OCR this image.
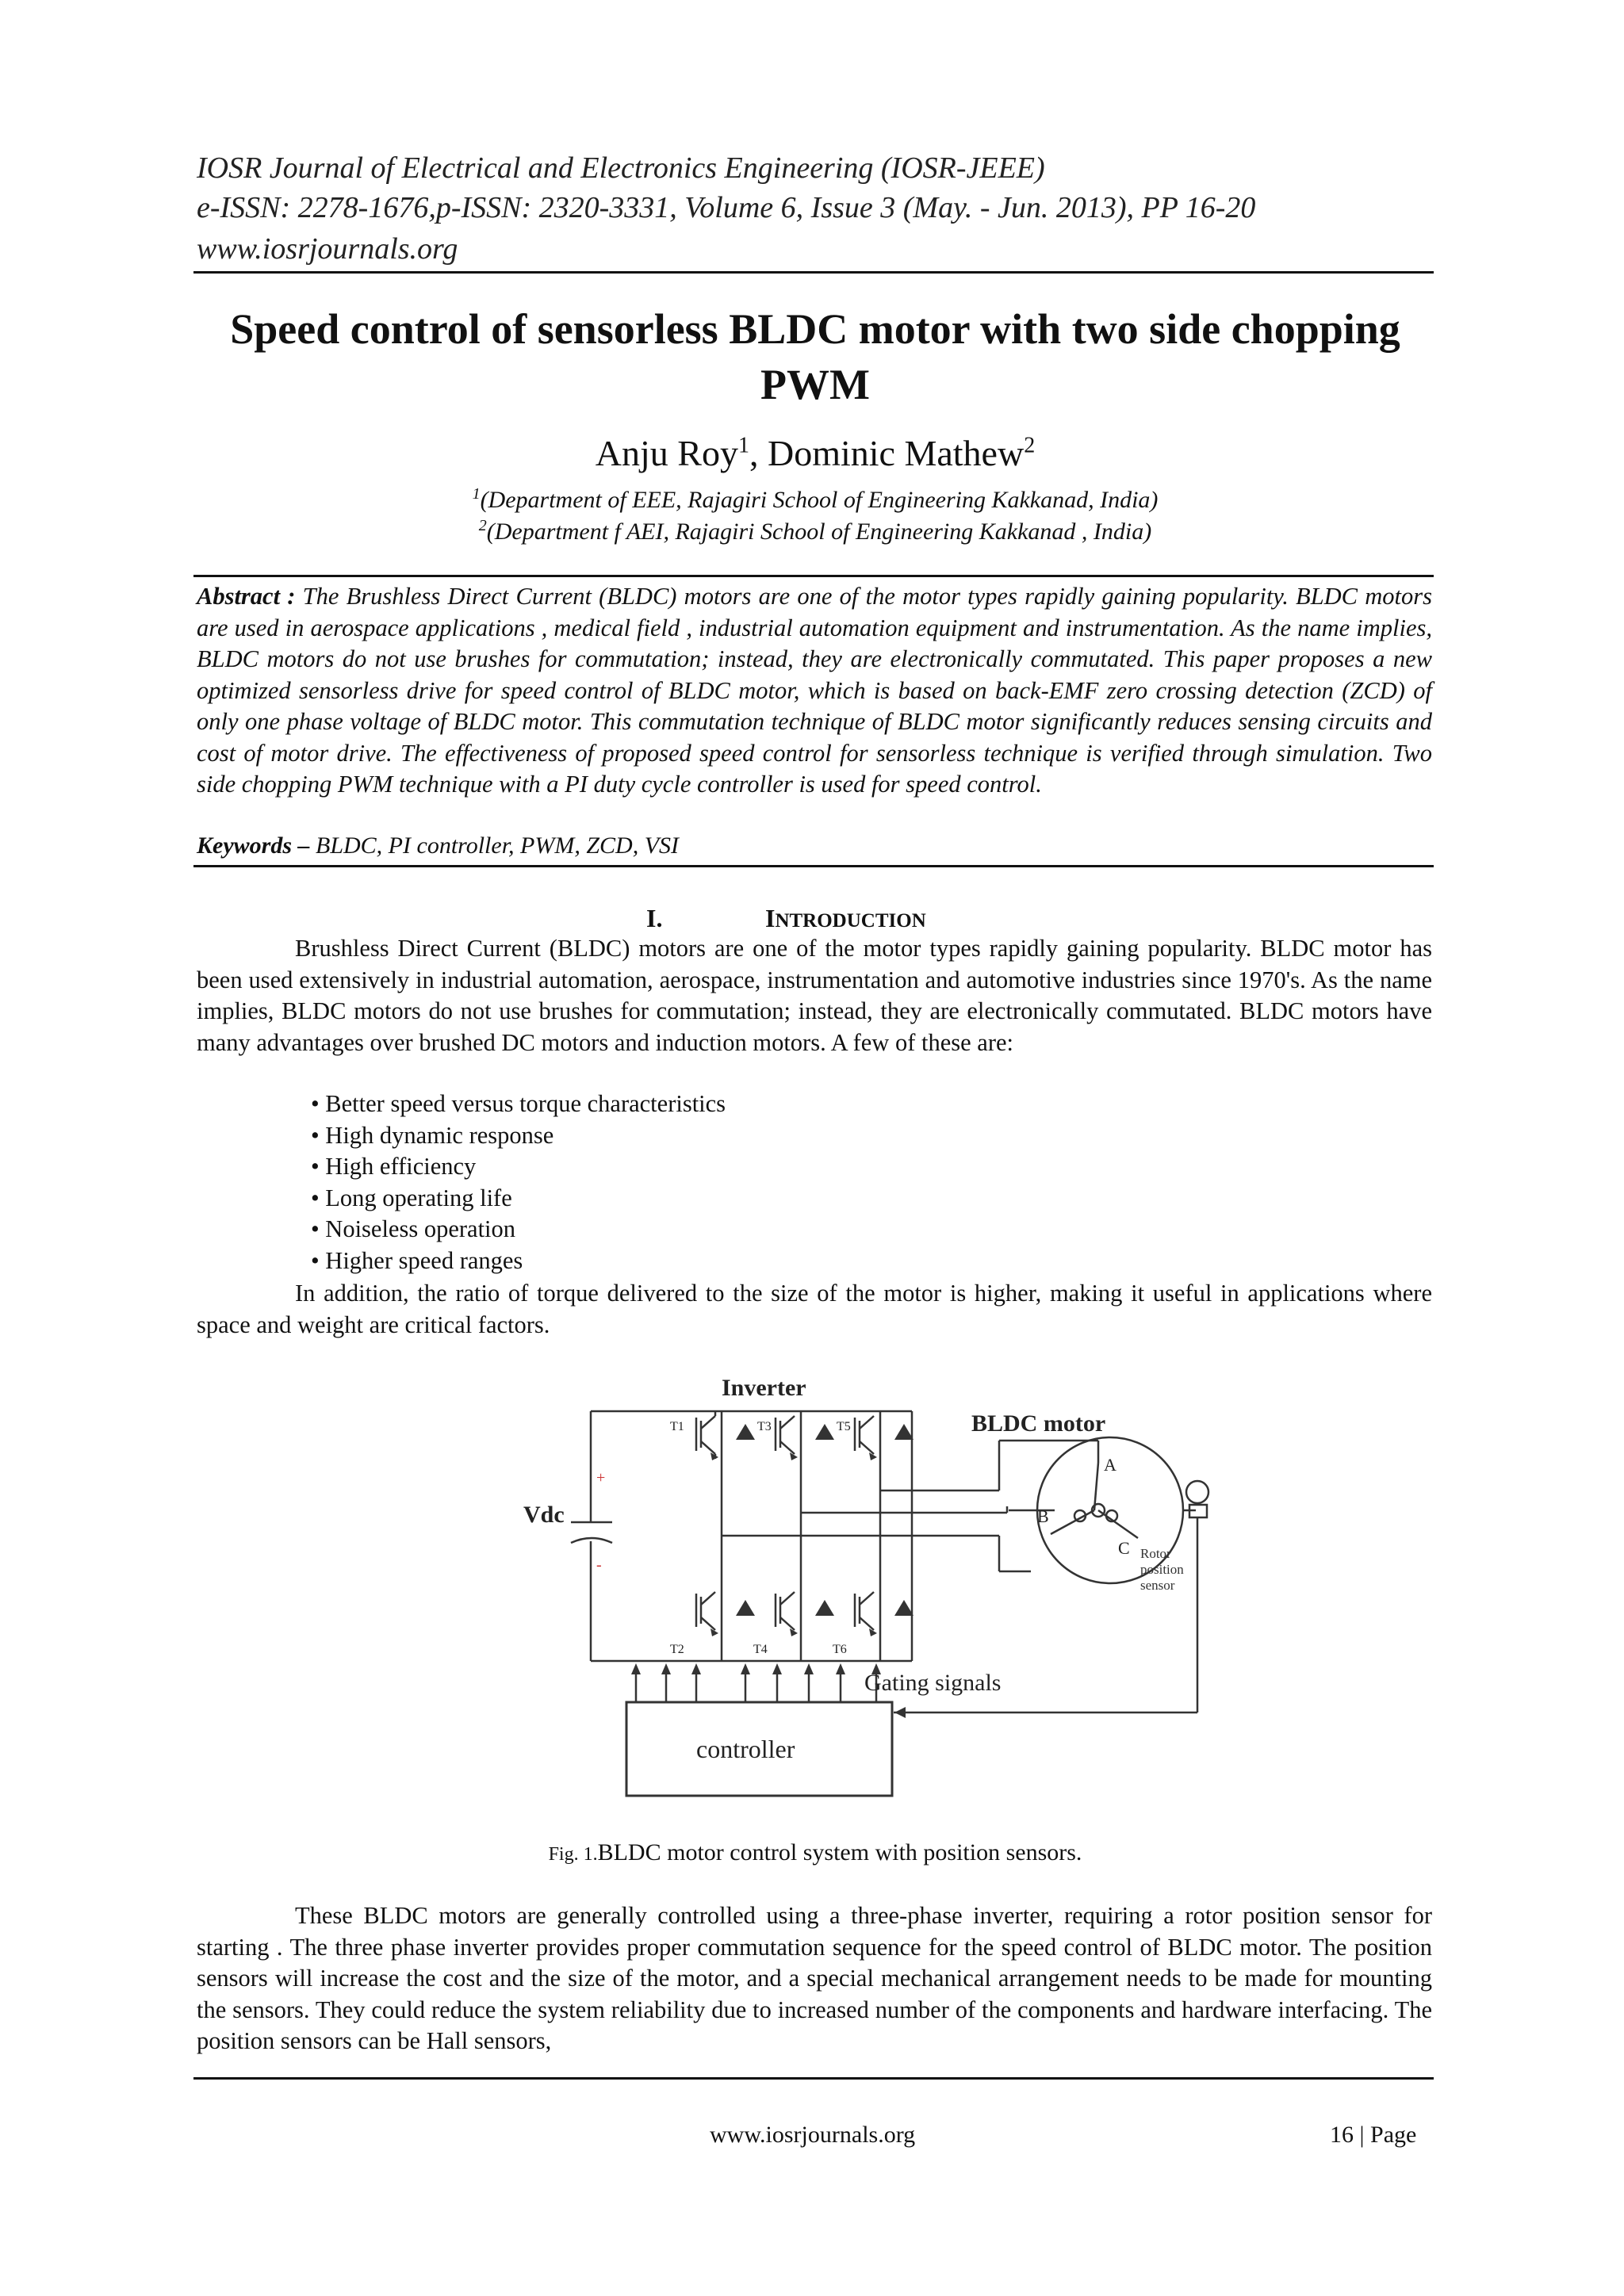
IOSR Journal of Electrical and Electronics Engineering (IOSR-JEEE)
e-ISSN: 2278-1676,p-ISSN: 2320-3331, Volume 6, Issue 3 (May. - Jun. 2013), PP 16-20
www.iosrjournals.org
Speed control of sensorless BLDC motor with two side chopping
PWM
Anju Roy$^1$, Dominic Mathew$^2$
$^1$(Department of EEE, Rajagiri School of Engineering Kakkanad, India)
$^2$(Department f AEI, Rajagiri School of Engineering Kakkanad , India)
Abstract : The Brushless Direct Current (BLDC) motors are one of the motor types rapidly gaining popularity. BLDC motors are used in aerospace applications , medical field , industrial automation equipment and instrumentation. As the name implies, BLDC motors do not use brushes for commutation; instead, they are electronically commutated. This paper proposes a new optimized sensorless drive for speed control of BLDC motor, which is based on back-EMF zero crossing detection (ZCD) of only one phase voltage of BLDC motor. This commutation technique of BLDC motor significantly reduces sensing circuits and cost of motor drive. The effectiveness of proposed speed control for sensorless technique is verified through simulation. Two side chopping PWM technique with a PI duty cycle controller is used for speed control.
Keywords – BLDC, PI controller, PWM, ZCD, VSI
I.	INTRODUCTION
Brushless Direct Current (BLDC) motors are one of the motor types rapidly gaining popularity. BLDC motor has been used extensively in industrial automation, aerospace, instrumentation and automotive industries since 1970's. As the name implies, BLDC motors do not use brushes for commutation; instead, they are electronically commutated. BLDC motors have many advantages over brushed DC motors and induction motors. A few of these are:
• Better speed versus torque characteristics
• High dynamic response
• High efficiency
• Long operating life
• Noiseless operation
• Higher speed ranges
In addition, the ratio of torque delivered to the size of the motor is higher, making it useful in applications where space and weight are critical factors.
Inverter
Vdc
+
-
BLDC motor
T1	T3	T5
T2	T4	T6
A
B
C Rotor
position
sensor
Gating signals
controller
Fig. 1.BLDC motor control system with position sensors.
These BLDC motors are generally controlled using a three-phase inverter, requiring a rotor position sensor for starting . The three phase inverter provides proper commutation sequence for the speed control of BLDC motor. The position sensors will increase the cost and the size of the motor, and a special mechanical arrangement needs to be made for mounting the sensors. They could reduce the system reliability due to increased number of the components and hardware interfacing. The position sensors can be Hall sensors,
www.iosrjournals.org	16 | Page
